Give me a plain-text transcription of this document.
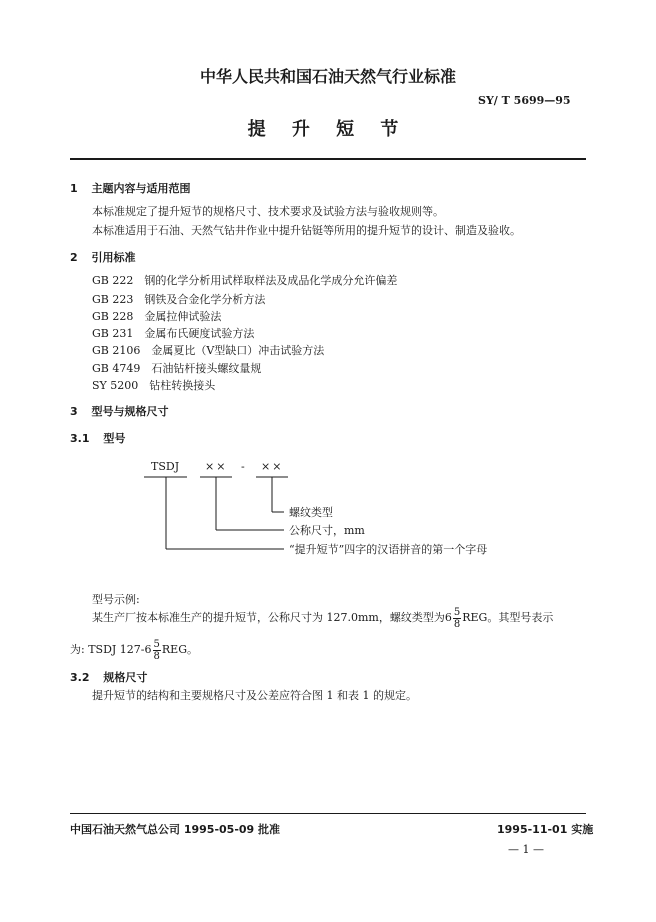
中华人民共和国石油天然气行业标准
SY/ T 5699—95
提 升 短 节
1 主题内容与适用范围
本标准规定了提升短节的规格尺寸、技术要求及试验方法与验收规则等。
本标准适用于石油、天然气钻井作业中提升钻铤等所用的提升短节的设计、制造及验收。
2 引用标准
GB 222　钢的化学分析用试样取样法及成品化学成分允许偏差
GB 223　钢铁及合金化学分析方法
GB 228　金属拉伸试验法
GB 231　金属布氏硬度试验方法
GB 2106　金属夏比（V型缺口）冲击试验方法
GB 4749　石油钻杆接头螺纹量规
SY 5200　钻柱转换接头
3 型号与规格尺寸
3.1 型号
TSDJ ×× - ××
螺纹类型
公称尺寸，mm
“提升短节”四字的汉语拼音的第一个字母
型号示例:
某生产厂按本标准生产的提升短节，公称尺寸为 127.0mm，螺纹类型为$6 \frac{5}{8}$ REG。其型号表示
为: TSDJ $127-6 \frac{5}{8}$ REG。
3.2 规格尺寸
提升短节的结构和主要规格尺寸及公差应符合图 1 和表 1 的规定。
中国石油天然气总公司 1995-05-09 批准	1995-11-01 实施
— 1 —
